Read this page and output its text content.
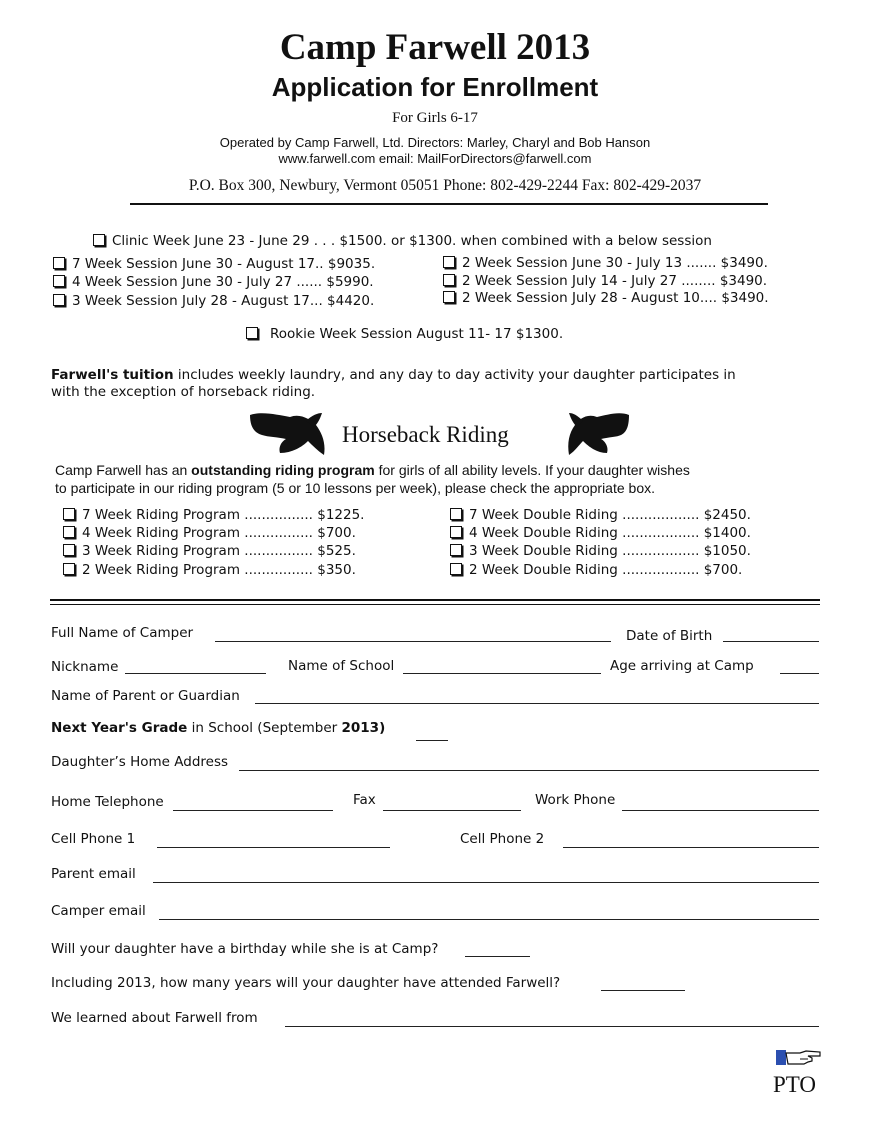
Camp Farwell 2013
Application for Enrollment
For Girls 6-17
Operated by Camp Farwell, Ltd. Directors: Marley, Charyl and Bob Hanson
www.farwell.com email: MailForDirectors@farwell.com
P.O. Box 300, Newbury, Vermont 05051 Phone: 802-429-2244 Fax: 802-429-2037
Clinic Week June 23 - June 29 . . . $1500. or $1300. when combined with a below session
7 Week Session June 30 - August 17.. $9035.
4 Week Session June 30 - July 27 ...... $5990.
3 Week Session July 28 - August 17... $4420.
2 Week Session June 30 - July 13 ....... $3490.
2 Week Session July 14 - July 27 ........ $3490.
2 Week Session July 28 - August 10.... $3490.
Rookie Week Session August 11- 17 $1300.
Farwell's tuition includes weekly laundry, and any day to day activity your daughter participates in
with the exception of horseback riding.
Horseback Riding
Camp Farwell has an outstanding riding program for girls of all ability levels. If your daughter wishes
to participate in our riding program (5 or 10 lessons per week), please check the appropriate box.
7 Week Riding Program ................ $1225.
4 Week Riding Program ................ $700.
3 Week Riding Program ................ $525.
2 Week Riding Program ................ $350.
7 Week Double Riding .................. $2450.
4 Week Double Riding .................. $1400.
3 Week Double Riding .................. $1050.
2 Week Double Riding .................. $700.
Full Name of Camper	Date of Birth
Nickname	Name of School	Age arriving at Camp
Name of Parent or Guardian
Next Year's Grade in School (September 2013)
Daughter’s Home Address
Home Telephone	Fax	Work Phone
Cell Phone 1	Cell Phone 2
Parent email
Camper email
Will your daughter have a birthday while she is at Camp?
Including 2013, how many years will your daughter have attended Farwell?
We learned about Farwell from
PTO
